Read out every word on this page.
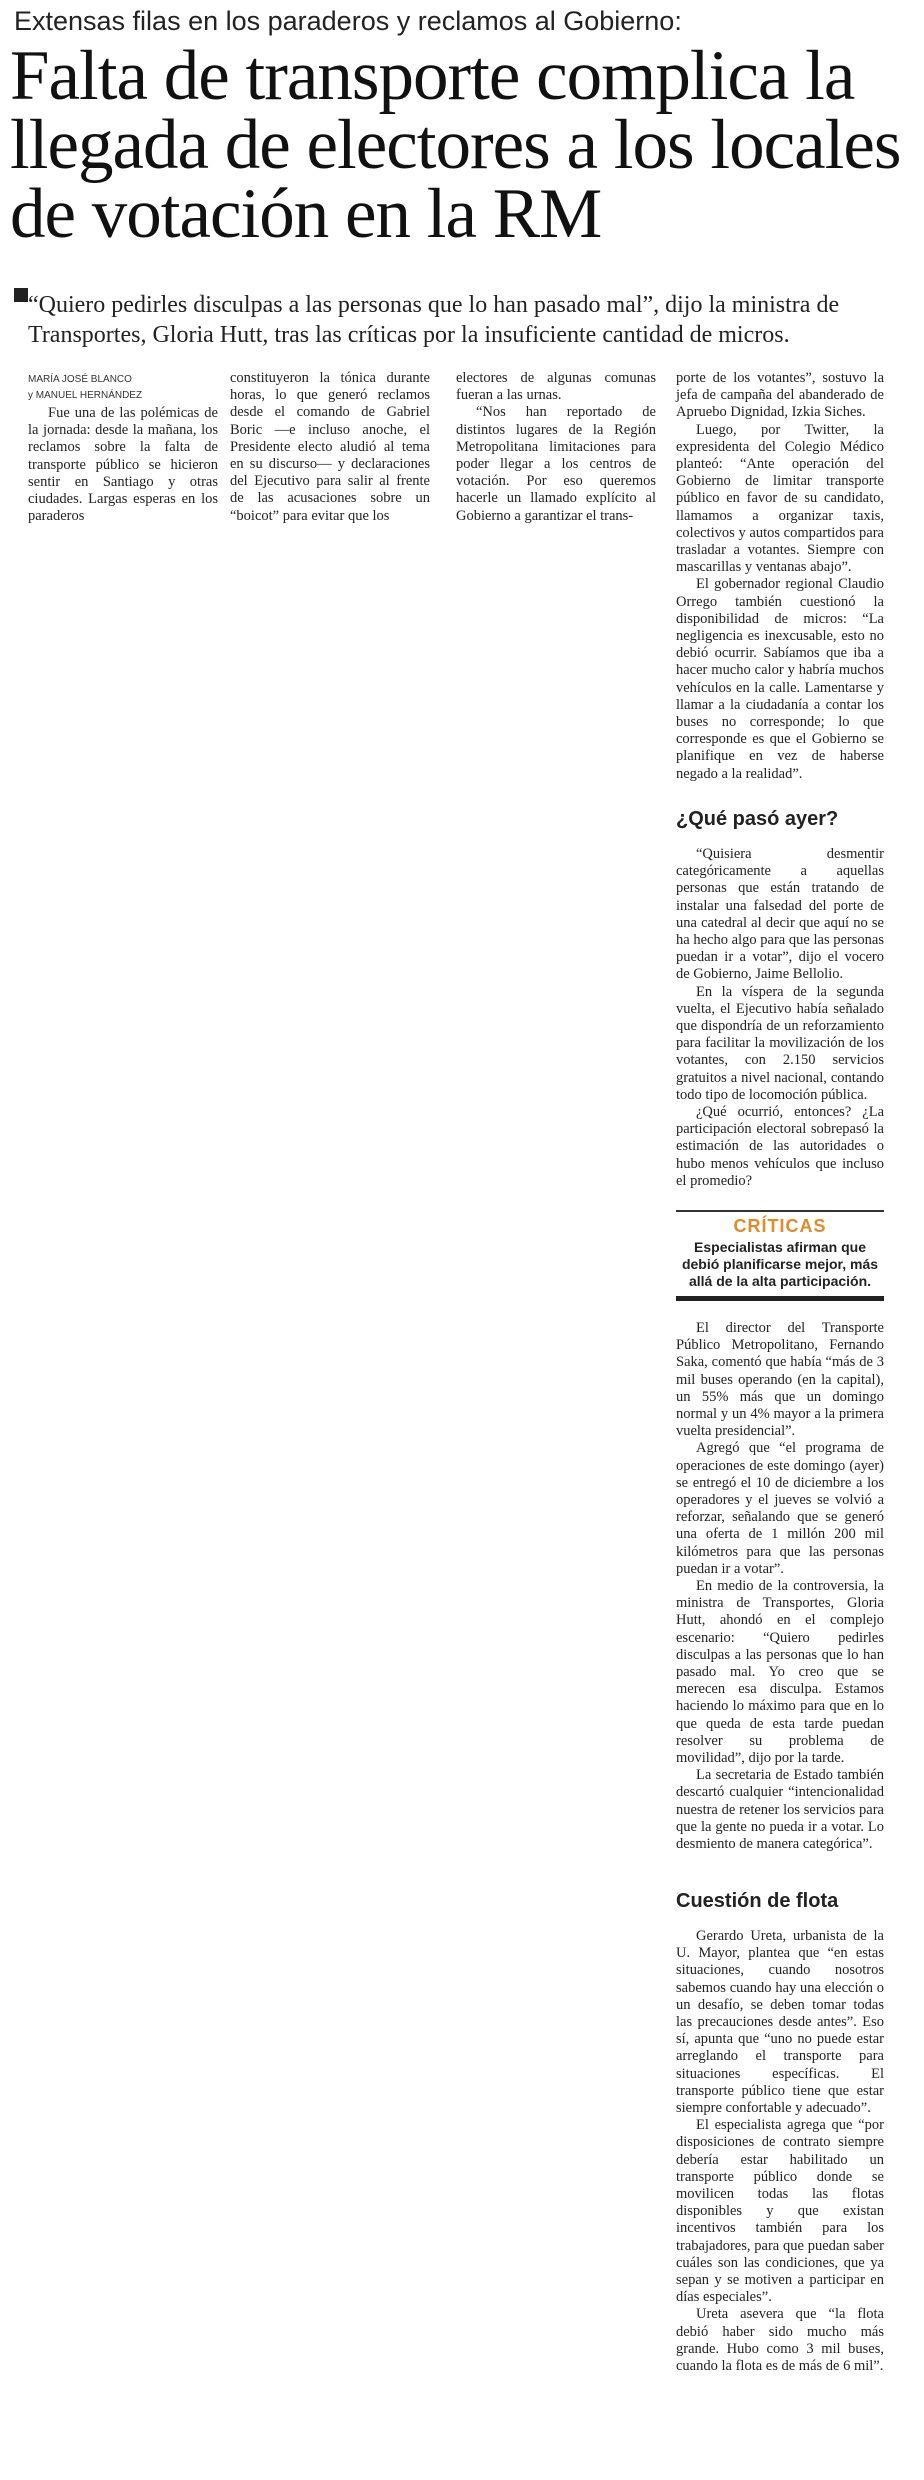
Extensas filas en los paraderos y reclamos al Gobierno:
Falta de transporte complica la llegada de electores a los locales de votación en la RM

“Quiero pedirles disculpas a las personas que lo han pasado mal”, dijo la ministra de Transportes, Gloria Hutt, tras las críticas por la insuficiente cantidad de micros.

MARÍA JOSÉ BLANCO
y MANUEL HERNÁNDEZ

Fue una de las polémicas de la jornada: desde la mañana, los reclamos sobre la falta de transporte público se hicieron sentir en Santiago y otras ciudades. Largas esperas en los paraderos

constituyeron la tónica durante horas, lo que generó reclamos desde el comando de Gabriel Boric —e incluso anoche, el Presidente electo aludió al tema en su discurso— y declaraciones del Ejecutivo para salir al frente de las acusaciones sobre un “boicot” para evitar que los

electores de algunas comunas fueran a las urnas.

“Nos han reportado de distintos lugares de la Región Metropolitana limitaciones para poder llegar a los centros de votación. Por eso queremos hacerle un llamado explícito al Gobierno a garantizar el trans-

porte de los votantes”, sostuvo la jefa de campaña del abanderado de Apruebo Dignidad, Izkia Siches.

Luego, por Twitter, la expresidenta del Colegio Médico planteó: “Ante operación del Gobierno de limitar transporte público en favor de su candidato, llamamos a organizar taxis, colectivos y autos compartidos para trasladar a votantes. Siempre con mascarillas y ventanas abajo”.

El gobernador regional Claudio Orrego también cuestionó la disponibilidad de micros: “La negligencia es inexcusable, esto no debió ocurrir. Sabíamos que iba a hacer mucho calor y habría muchos vehículos en la calle. Lamentarse y llamar a la ciudadanía a contar los buses no corresponde; lo que corresponde es que el Gobierno se planifique en vez de haberse negado a la realidad”.

¿Qué pasó ayer?

“Quisiera desmentir categóricamente a aquellas personas que están tratando de instalar una falsedad del porte de una catedral al decir que aquí no se ha hecho algo para que las personas puedan ir a votar”, dijo el vocero de Gobierno, Jaime Bellolio.

En la víspera de la segunda vuelta, el Ejecutivo había señalado que dispondría de un reforzamiento para facilitar la movilización de los votantes, con 2.150 servicios gratuitos a nivel nacional, contando todo tipo de locomoción pública.

¿Qué ocurrió, entonces? ¿La participación electoral sobrepasó la estimación de las autoridades o hubo menos vehículos que incluso el promedio?

CRÍTICAS
Especialistas afirman que debió planificarse mejor, más allá de la alta participación.

El director del Transporte Público Metropolitano, Fernando Saka, comentó que había “más de 3 mil buses operando (en la capital), un 55% más que un domingo normal y un 4% mayor a la primera vuelta presidencial”.

Agregó que “el programa de operaciones de este domingo (ayer) se entregó el 10 de diciembre a los operadores y el jueves se volvió a reforzar, señalando que se generó una oferta de 1 millón 200 mil kilómetros para que las personas puedan ir a votar”.

En medio de la controversia, la ministra de Transportes, Gloria Hutt, ahondó en el complejo escenario: “Quiero pedirles disculpas a las personas que lo han pasado mal. Yo creo que se merecen esa disculpa. Estamos haciendo lo máximo para que en lo que queda de esta tarde puedan resolver su problema de movilidad”, dijo por la tarde.

La secretaria de Estado también descartó cualquier “intencionalidad nuestra de retener los servicios para que la gente no pueda ir a votar. Lo desmiento de manera categórica”.

Cuestión de flota

Gerardo Ureta, urbanista de la U. Mayor, plantea que “en estas situaciones, cuando nosotros sabemos cuando hay una elección o un desafío, se deben tomar todas las precauciones desde antes”. Eso sí, apunta que “uno no puede estar arreglando el transporte para situaciones específicas. El transporte público tiene que estar siempre confortable y adecuado”.

El especialista agrega que “por disposiciones de contrato siempre debería estar habilitado un transporte público donde se movilicen todas las flotas disponibles y que existan incentivos también para los trabajadores, para que puedan saber cuáles son las condiciones, que ya sepan y se motiven a participar en días especiales”.

Ureta asevera que “la flota debió haber sido mucho más grande. Hubo como 3 mil buses, cuando la flota es de más de 6 mil”.
